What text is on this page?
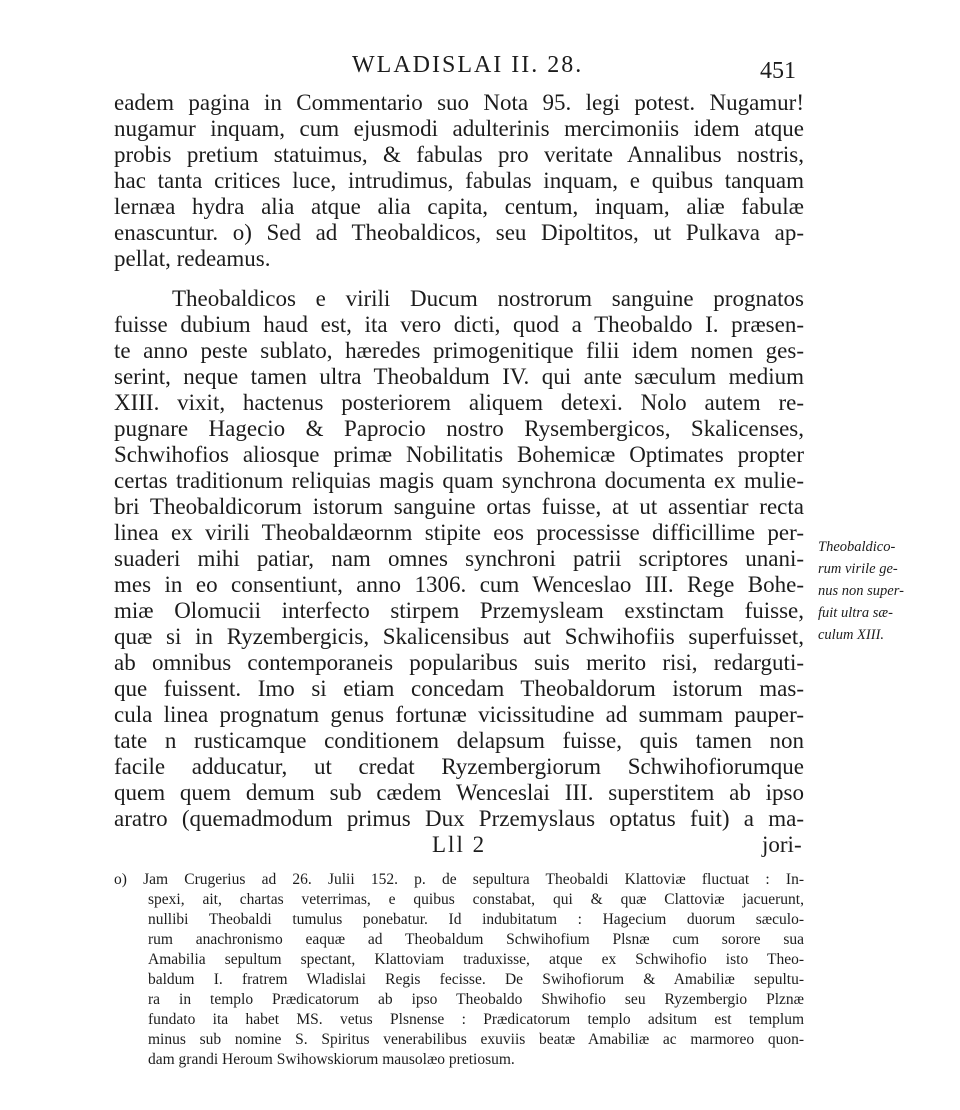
WLADISLAI II. 28.	451
eadem pagina in Commentario suo Nota 95. legi potest. Nugamur!
nugamur inquam, cum ejusmodi adulterinis mercimoniis idem atque
probis pretium statuimus, & fabulas pro veritate Annalibus nostris,
hac tanta critices luce, intrudimus, fabulas inquam, e quibus tanquam
lernæa hydra alia atque alia capita, centum, inquam, aliæ fabulæ
enascuntur. o) Sed ad Theobaldicos, seu Dipoltitos, ut Pulkava ap-
pellat, redeamus.
Theobaldicos e virili Ducum nostrorum sanguine prognatos
fuisse dubium haud est, ita vero dicti, quod a Theobaldo I. præsen-
te anno peste sublato, hæredes primogenitique filii idem nomen ges-
serint, neque tamen ultra Theobaldum IV. qui ante sæculum medium
XIII. vixit, hactenus posteriorem aliquem detexi. Nolo autem re-
pugnare Hagecio & Paprocio nostro Rysembergicos, Skalicenses,
Schwihofios aliosque primæ Nobilitatis Bohemicæ Optimates propter
certas traditionum reliquias magis quam synchrona documenta ex mulie-
bri Theobaldicorum istorum sanguine ortas fuisse, at ut assentiar recta
linea ex virili Theobaldæornm stipite eos processisse difficillime per-
suaderi mihi patiar, nam omnes synchroni patrii scriptores unani-
mes in eo consentiunt, anno 1306. cum Wenceslao III. Rege Bohe-
miæ Olomucii interfecto stirpem Przemysleam exstinctam fuisse,
quæ si in Ryzembergicis, Skalicensibus aut Schwihofiis superfuisset,
ab omnibus contemporaneis popularibus suis merito risi, redarguti-
que fuissent. Imo si etiam concedam Theobaldorum istorum mas-
cula linea prognatum genus fortunæ vicissitudine ad summam pauper-
tate n rusticamque conditionem delapsum fuisse, quis tamen non
facile adducatur, ut credat Ryzembergiorum Schwihofiorumque
quem quem demum sub cædem Wenceslai III. superstitem ab ipso
aratro (quemadmodum primus Dux Przemyslaus optatus fuit) a ma-
Lll 2	jori-
Theobaldico-
rum virile ge-
nus non super-
fuit ultra sæ-
culum XIII.
o) Jam Crugerius ad 26. Julii 152. p. de sepultura Theobaldi Klattoviæ fluctuat : In-
spexi, ait, chartas veterrimas, e quibus constabat, qui & quæ Clattoviæ jacuerunt,
nullibi Theobaldi tumulus ponebatur. Id indubitatum : Hagecium duorum sæculo-
rum anachronismo eaquæ ad Theobaldum Schwihofium Plsnæ cum sorore sua
Amabilia sepultum spectant, Klattoviam traduxisse, atque ex Schwihofio isto Theo-
baldum I. fratrem Wladislai Regis fecisse. De Swihofiorum & Amabiliæ sepultu-
ra in templo Prædicatorum ab ipso Theobaldo Shwihofio seu Ryzembergio Plznæ
fundato ita habet MS. vetus Plsnense : Prædicatorum templo adsitum est templum
minus sub nomine S. Spiritus venerabilibus exuviis beatæ Amabiliæ ac marmoreo quon-
dam grandi Heroum Swihowskiorum mausolæo pretiosum.
